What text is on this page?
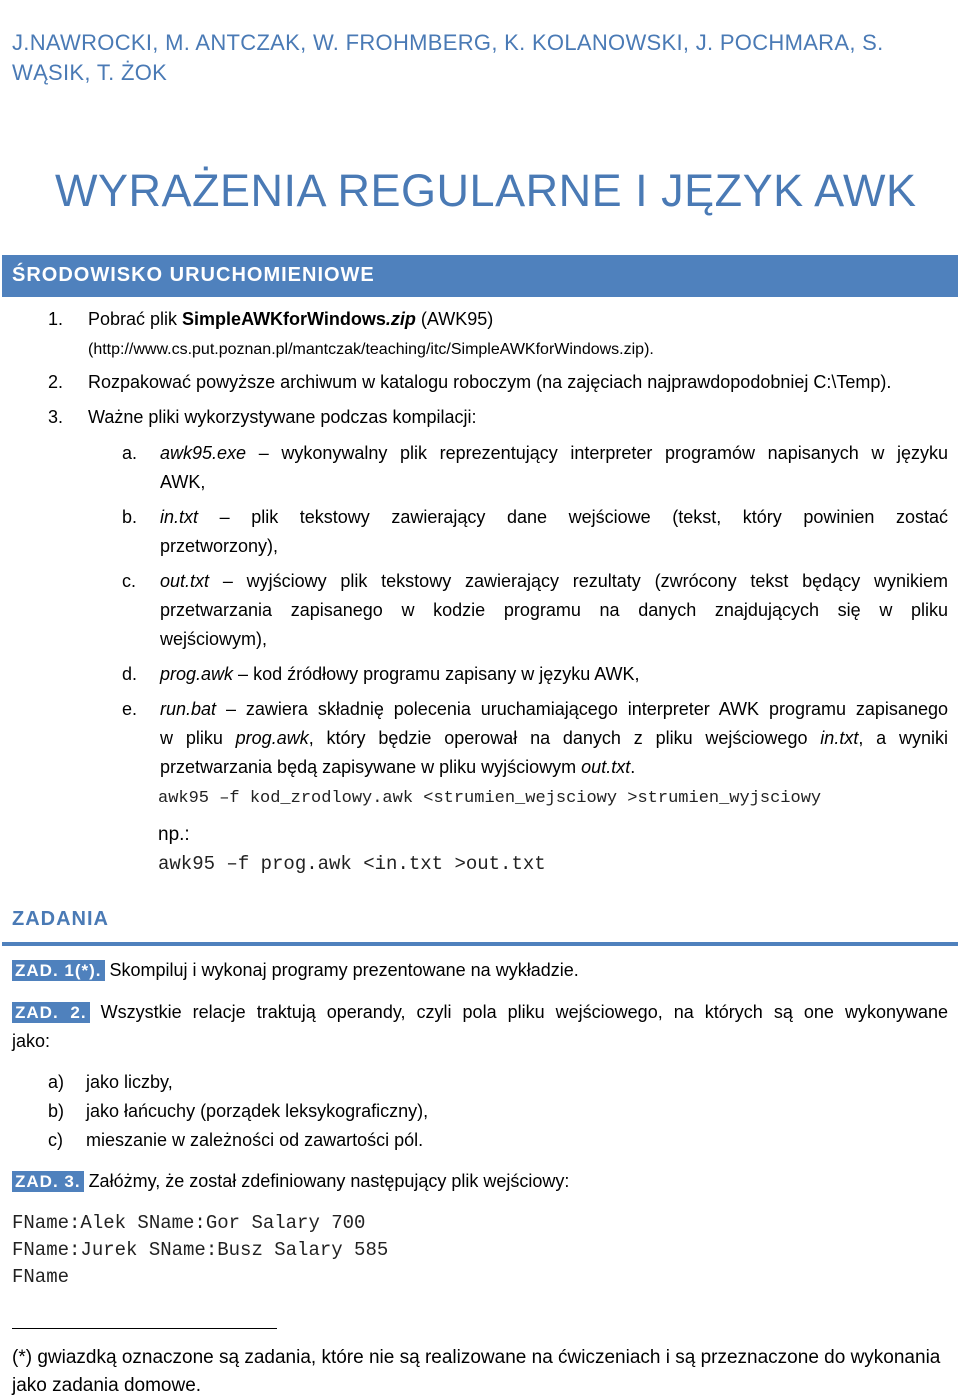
J.NAWROCKI, M. ANTCZAK, W. FROHMBERG, K. KOLANOWSKI, J. POCHMARA, S. WĄSIK, T. ŻOK
WYRAŻENIA REGULARNE I JĘZYK AWK
ŚRODOWISKO URUCHOMIENIOWE
1. Pobrać plik SimpleAWKforWindows.zip (AWK95)
(http://www.cs.put.poznan.pl/mantczak/teaching/itc/SimpleAWKforWindows.zip).
2. Rozpakować powyższe archiwum w katalogu roboczym (na zajęciach najprawdopodobniej C:\Temp).
3. Ważne pliki wykorzystywane podczas kompilacji:
a. awk95.exe – wykonywalny plik reprezentujący interpreter programów napisanych w języku
AWK,
b. in.txt – plik tekstowy zawierający dane wejściowe (tekst, który powinien zostać
przetworzony),
c. out.txt – wyjściowy plik tekstowy zawierający rezultaty (zwrócony tekst będący wynikiem
przetwarzania zapisanego w kodzie programu na danych znajdujących się w pliku
wejściowym),
d. prog.awk – kod źródłowy programu zapisany w języku AWK,
e. run.bat – zawiera składnię polecenia uruchamiającego interpreter AWK programu zapisanego
w pliku prog.awk, który będzie operował na danych z pliku wejściowego in.txt, a wyniki
przetwarzania będą zapisywane w pliku wyjściowym out.txt.
awk95 –f kod_zrodlowy.awk <strumien_wejsciowy >strumien_wyjsciowy
np.:
awk95 –f prog.awk <in.txt >out.txt
ZADANIA
ZAD. 1(*). Skompiluj i wykonaj programy prezentowane na wykładzie.
ZAD. 2. Wszystkie relacje traktują operandy, czyli pola pliku wejściowego, na których są one wykonywane
jako:
a) jako liczby,
b) jako łańcuchy (porządek leksykograficzny),
c) mieszanie w zależności od zawartości pól.
ZAD. 3. Załóżmy, że został zdefiniowany następujący plik wejściowy:
FName:Alek SName:Gor Salary 700
FName:Jurek SName:Busz Salary 585
FName
(*) gwiazdką oznaczone są zadania, które nie są realizowane na ćwiczeniach i są przeznaczone do wykonania jako zadania domowe.
